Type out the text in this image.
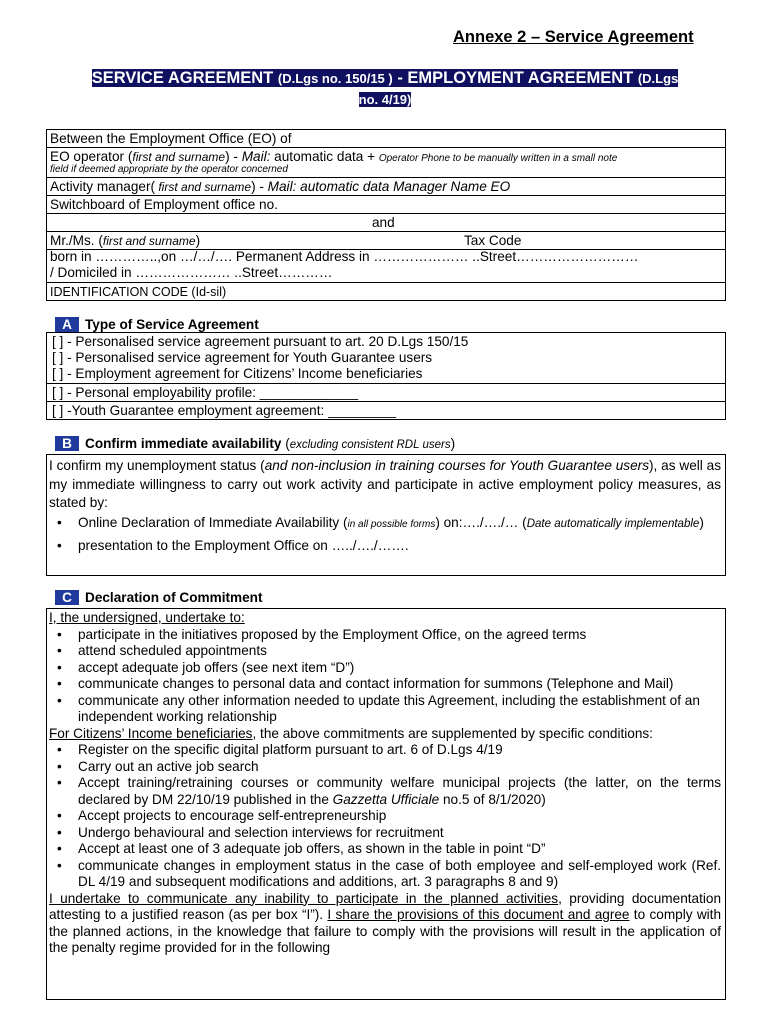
Annexe 2 – Service Agreement
SERVICE AGREEMENT (D.Lgs no. 150/15 ) - EMPLOYMENT AGREEMENT (D.Lgs
no. 4/19)
Between the Employment Office (EO) of
EO operator (first and surname) - Mail: automatic data + Operator Phone to be manually written in a small note
field if deemed appropriate by the operator concerned
Activity manager( first and surname) - Mail: automatic data Manager Name EO
Switchboard of Employment office no.
and
Mr./Ms. (first and surname)	Tax Code
born in …………..,on …/…/…. Permanent Address in ………………… ..Street………………………
/ Domiciled in ………………… ..Street…………
IDENTIFICATION CODE (Id-sil)
A Type of Service Agreement
[ ] - Personalised service agreement pursuant to art. 20 D.Lgs 150/15
[ ] - Personalised service agreement for Youth Guarantee users
[ ] - Employment agreement for Citizens’ Income beneficiaries
[ ] - Personal employability profile: _____________
[ ] -Youth Guarantee employment agreement: _________
B Confirm immediate availability (excluding consistent RDL users)
I confirm my unemployment status (and non-inclusion in training courses for Youth Guarantee users), as well as my immediate willingness to carry out work activity and participate in active employment policy measures, as stated by:
• Online Declaration of Immediate Availability (in all possible forms) on:…./…./… (Date automatically implementable)
• presentation to the Employment Office on …../…./…….
C Declaration of Commitment
I, the undersigned, undertake to:
• participate in the initiatives proposed by the Employment Office, on the agreed terms
• attend scheduled appointments
• accept adequate job offers (see next item “D”)
• communicate changes to personal data and contact information for summons (Telephone and Mail)
• communicate any other information needed to update this Agreement, including the establishment of an independent working relationship
For Citizens’ Income beneficiaries, the above commitments are supplemented by specific conditions:
• Register on the specific digital platform pursuant to art. 6 of D.Lgs 4/19
• Carry out an active job search
• Accept training/retraining courses or community welfare municipal projects (the latter, on the terms declared by DM 22/10/19 published in the Gazzetta Ufficiale no.5 of 8/1/2020)
• Accept projects to encourage self-entrepreneurship
• Undergo behavioural and selection interviews for recruitment
• Accept at least one of 3 adequate job offers, as shown in the table in point “D”
• communicate changes in employment status in the case of both employee and self-employed work (Ref. DL 4/19 and subsequent modifications and additions, art. 3 paragraphs 8 and 9)
I undertake to communicate any inability to participate in the planned activities, providing documentation attesting to a justified reason (as per box “I”). I share the provisions of this document and agree to comply with the planned actions, in the knowledge that failure to comply with the provisions will result in the application of the penalty regime provided for in the following
